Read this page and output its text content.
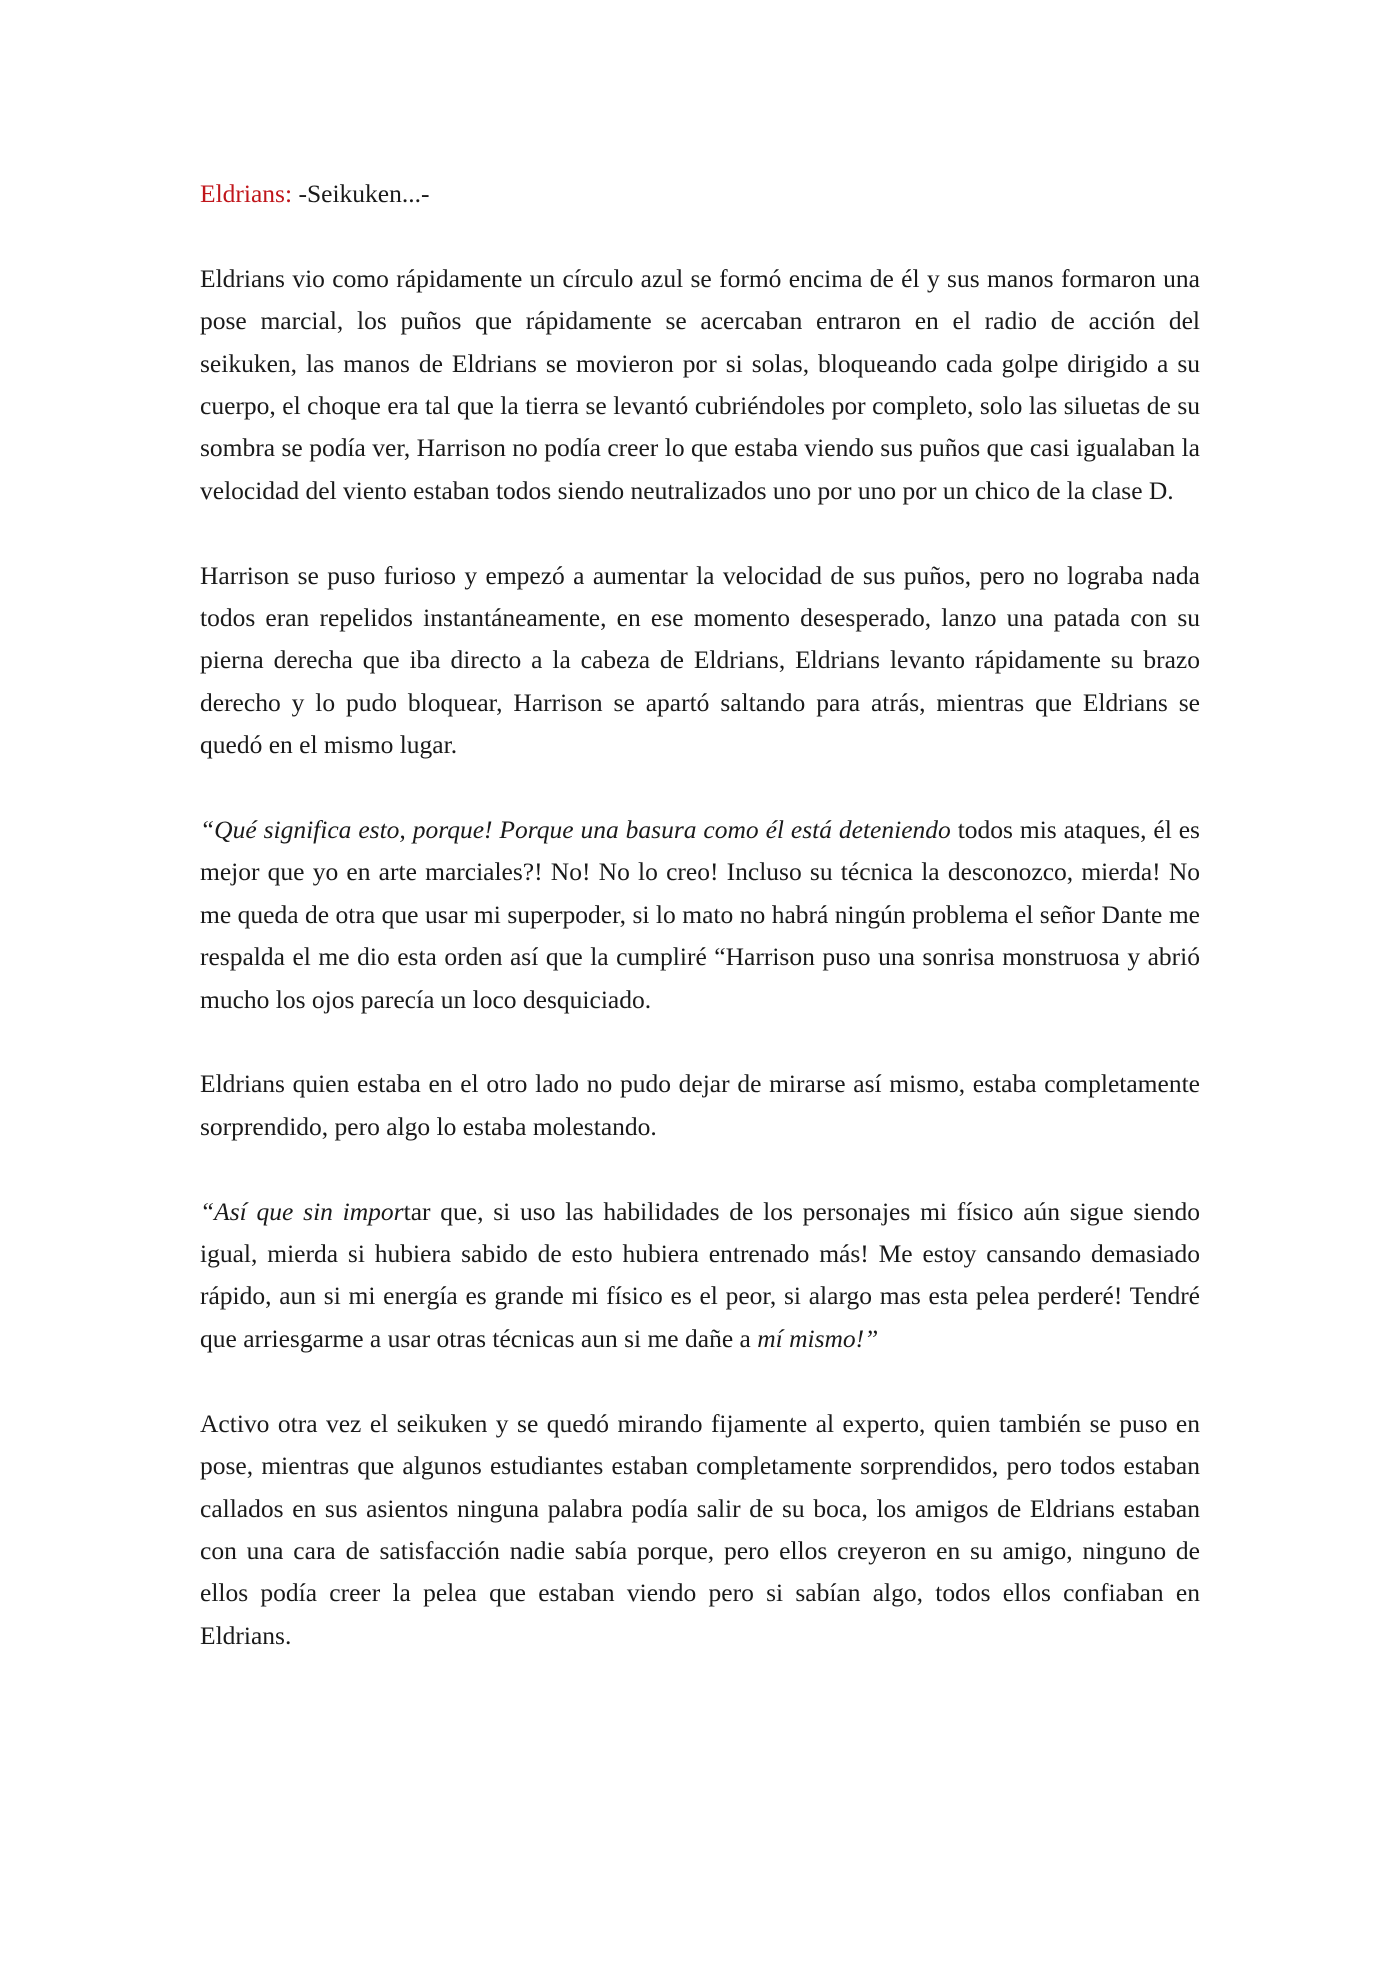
Eldrians: -Seikuken...-

Eldrians vio como rápidamente un círculo azul se formó encima de él y sus manos formaron una pose marcial, los puños que rápidamente se acercaban entraron en el radio de acción del seikuken, las manos de Eldrians se movieron por si solas, bloqueando cada golpe dirigido a su cuerpo, el choque era tal que la tierra se levantó cubriéndoles por completo, solo las siluetas de su sombra se podía ver, Harrison no podía creer lo que estaba viendo sus puños que casi igualaban la velocidad del viento estaban todos siendo neutralizados uno por uno por un chico de la clase D.

Harrison se puso furioso y empezó a aumentar la velocidad de sus puños, pero no lograba nada todos eran repelidos instantáneamente, en ese momento desesperado, lanzo una patada con su pierna derecha que iba directo a la cabeza de Eldrians, Eldrians levanto rápidamente su brazo derecho y lo pudo bloquear, Harrison se apartó saltando para atrás, mientras que Eldrians se quedó en el mismo lugar.

“Qué significa esto, porque! Porque una basura como él está deteniendo todos mis ataques, él es mejor que yo en arte marciales?! No! No lo creo! Incluso su técnica la desconozco, mierda! No me queda de otra que usar mi superpoder, si lo mato no habrá ningún problema el señor Dante me respalda el me dio esta orden así que la cumpliré “Harrison puso una sonrisa monstruosa y abrió mucho los ojos parecía un loco desquiciado.

Eldrians quien estaba en el otro lado no pudo dejar de mirarse así mismo, estaba completamente sorprendido, pero algo lo estaba molestando.

“Así que sin importar que, si uso las habilidades de los personajes mi físico aún sigue siendo igual, mierda si hubiera sabido de esto hubiera entrenado más! Me estoy cansando demasiado rápido, aun si mi energía es grande mi físico es el peor, si alargo mas esta pelea perderé! Tendré que arriesgarme a usar otras técnicas aun si me dañe a mí mismo!”

Activo otra vez el seikuken y se quedó mirando fijamente al experto, quien también se puso en pose, mientras que algunos estudiantes estaban completamente sorprendidos, pero todos estaban callados en sus asientos ninguna palabra podía salir de su boca, los amigos de Eldrians estaban con una cara de satisfacción nadie sabía porque, pero ellos creyeron en su amigo, ninguno de ellos podía creer la pelea que estaban viendo pero si sabían algo, todos ellos confiaban en Eldrians.
